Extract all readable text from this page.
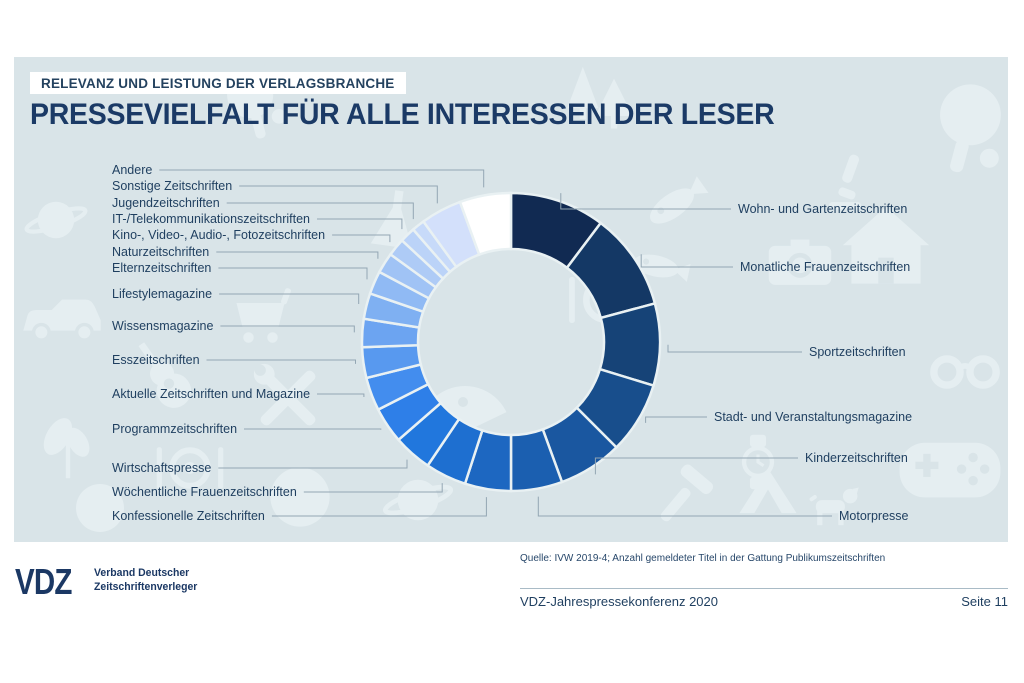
RELEVANZ UND LEISTUNG DER VERLAGSBRANCHE
PRESSEVIELFALT FÜR ALLE INTERESSEN DER LESER
Andere
Sonstige Zeitschriften
Jugendzeitschriften
IT-/Telekommunikationszeitschriften
Kino-, Video-, Audio-, Fotozeitschriften
Naturzeitschriften
Elternzeitschriften
Lifestylemagazine
Wissensmagazine
Esszeitschriften
Aktuelle Zeitschriften und Magazine
Programmzeitschriften
Wirtschaftspresse
Wöchentliche Frauenzeitschriften
Konfessionelle Zeitschriften
Wohn- und Gartenzeitschriften
Monatliche Frauenzeitschriften
Sportzeitschriften
Stadt- und Veranstaltungsmagazine
Kinderzeitschriften
Motorpresse
Quelle: IVW 2019-4; Anzahl gemeldeter Titel in der Gattung Publikumszeitschriften
VDZ Verband Deutscher
Zeitschriftenverleger
VDZ-Jahrespressekonferenz 2020	Seite 11
